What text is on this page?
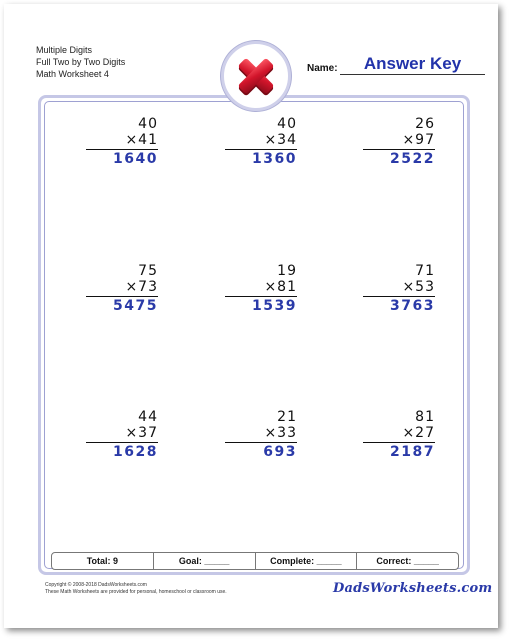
Multiple Digits
Full Two by Two Digits
Math Worksheet 4	Name:	Answer Key
40
×41
1640
40
×34
1360
26
×97
2522
75
×73
5475
19
×81
1539
71
×53
3763
44
×37
1628
21
×33
693
81
×27
2187
Total: 9	Goal: _____	Complete: _____	Correct: _____
Copyright © 2008-2018 DadsWorksheets.com
These Math Worksheets are provided for personal, homeschool or classroom use.	DadsWorksheets.com
